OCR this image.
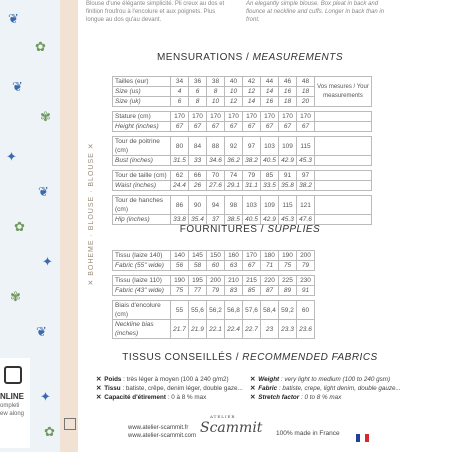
❦
✿
❦
✾
✦
❦
✿
✦
✾
❦
✦
✿
NLINE
ompleti
ew along
✕ BOHEME · BLOUSE · BLOUSE ✕
Blouse d'une élégante simplicité. Pli creux au dos et finition froufrou à l'encolure et aux poignets. Plus longue au dos qu'au devant.
An elegantly simple blouse. Box pleat in back and flounce at neckline and cuffs. Longer in back than in front.
MENSURATIONS / MEASUREMENTS
Tailles (eur)	34	36	38	40	42	44	46	48	Vos mesures / Your measurements
Size (us)	4	6	8	10	12	14	16	18	
Size (uk)	6	8	10	12	14	16	18	20	

Stature (cm)	170	170	170	170	170	170	170	170	
Height (inches)	67	67	67	67	67	67	67	67	

Tour de poitrine (cm)	80	84	88	92	97	103	109	115	
Bust (inches)	31.5	33	34.6	36.2	38.2	40.5	42.9	45.3	

Tour de taille (cm)	62	66	70	74	79	85	91	97	
Waist (inches)	24.4	26	27.6	29.1	31.1	33.5	35.8	38.2	

Tour de hanches (cm)	86	90	94	98	103	109	115	121	
Hip (inches)	33.8	35.4	37	38.5	40.5	42.9	45.3	47.6	
FOURNITURES / SUPPLIES
Tissu (laize 140)	140	145	150	160	170	180	190	200
Fabric (55" wide)	56	58	60	63	67	71	75	79

Tissu (laize 110)	190	195	200	210	215	220	225	230
Fabric (43" wide)	75	77	79	83	85	87	89	91

Biais d'encolure (cm)	55	55,6	56,2	56,8	57,6	58,4	59,2	60
Neckline bias (inches)	21.7	21.9	22.1	22.4	22.7	23	23.3	23.6
TISSUS CONSEILLÉS / RECOMMENDED FABRICS
✕ Poids : très léger à moyen (100 à 240 g/m2)
✕ Tissu : batiste, crêpe, denim léger, double gaze...
✕ Capacité d'étirement : 0 à 8 % max
✕ Weight : very light to medium (100 to 240 gsm)
✕ Fabric : batiste, crepe, light denim, double gauze...
✕ Stretch factor : 0 to 8 % max
www.atelier-scammit.fr
www.atelier-scammit.com
ATELIER
Scammit 100% made in France
